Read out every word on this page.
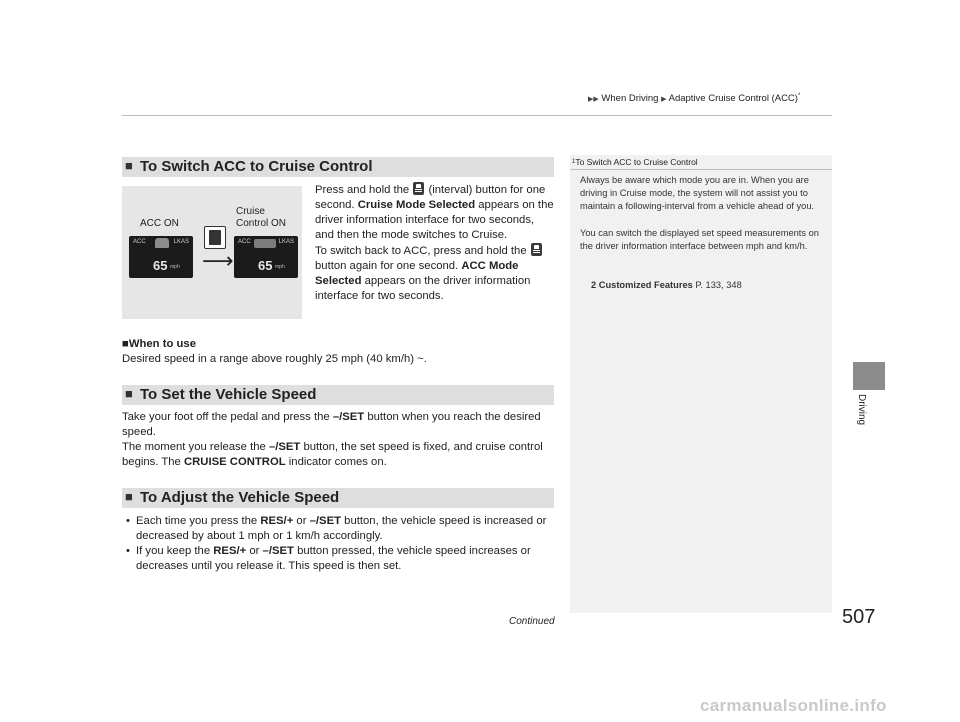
▶▶ When Driving ▶ Adaptive Cruise Control (ACC)*
Driving
■ To Switch ACC to Cruise Control
ACC ON
Cruise
Control ON
ACC	LKAS
65 mph
ACC	LKAS
65 mph
⟶
Press and hold the  (interval) button for one second. Cruise Mode Selected appears on the driver information interface for two seconds, and then the mode switches to Cruise.
To switch back to ACC, press and hold the  button again for one second. ACC Mode Selected appears on the driver information interface for two seconds.
■When to use
Desired speed in a range above roughly 25 mph (40 km/h) ~.
■ To Set the Vehicle Speed
Take your foot off the pedal and press the –/SET button when you reach the desired speed.
The moment you release the –/SET button, the set speed is fixed, and cruise control begins. The CRUISE CONTROL indicator comes on.
■ To Adjust the Vehicle Speed
• Each time you press the RES/+ or –/SET button, the vehicle speed is increased or decreased by about 1 mph or 1 km/h accordingly.
• If you keep the RES/+ or –/SET button pressed, the vehicle speed increases or decreases until you release it. This speed is then set.
$^1$To Switch ACC to Cruise Control
Always be aware which mode you are in. When you are driving in Cruise mode, the system will not assist you to maintain a following-interval from a vehicle ahead of you.
You can switch the displayed set speed measurements on the driver information interface between mph and km/h.
2 Customized Features P. 133, 348
Continued	507
carmanualsonline.info
